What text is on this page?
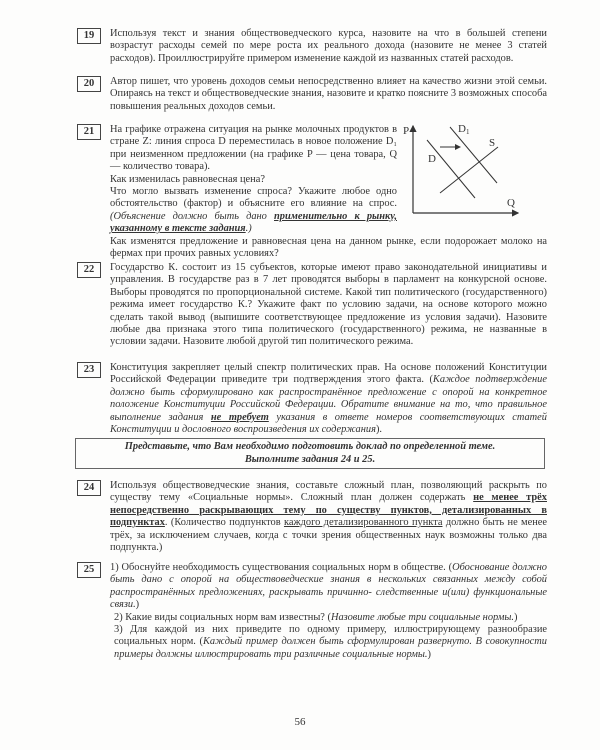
19	Используя текст и знания обществоведческого курса, назовите на что в большей степени возрастут расходы семей по мере роста их реального дохода (назовите не менее 3 статей расходов). Проиллюстрируйте примером изменение каждой из названных статей расходов.
20	Автор пишет, что уровень доходов семьи непосредственно влияет на качество жизни этой семьи. Опираясь на текст и обществоведческие знания, назовите и кратко поясните 3 возможных способа повышения реальных доходов семьи.
21	На графике отражена ситуация на рынке молочных продуктов в стране Z: линия спроса D переместилась в новое положение D₁ при неизменном предложении (на графике P — цена товара, Q — количество товара).
Как изменилась равновесная цена?
Что могло вызвать изменение спроса? Укажите любое одно обстоятельство (фактор) и объясните его влияние на спрос. (Объяснение должно быть дано применительно к рынку, указанному в тексте задания.)
Как изменятся предложение и равновесная цена на данном рынке, если подорожает молоко на фермах при прочих равных условиях?
P
Q
D
D 1
S
22	Государство К. состоит из 15 субъектов, которые имеют право законодательной инициативы и управления. В государстве раз в 7 лет проводятся выборы в парламент на конкурсной основе. Выборы проводятся по пропорциональной системе. Какой тип политического (государственного) режима имеет государство К.? Укажите факт по условию задачи, на основе которого можно сделать такой вывод (выпишите соответствующее предложение из условия задачи). Назовите любые два признака этого типа политического (государственного) режима, не названные в условии задачи. Назовите любой другой тип политического режима.
23	Конституция закрепляет целый спектр политических прав. На основе положений Конституции Российской Федерации приведите три подтверждения этого факта. (Каждое подтверждение должно быть сформулировано как распространённое предложение с опорой на конкретное положение Конституции Российской Федерации. Обратите внимание на то, что правильное выполнение задания не требует указания в ответе номеров соответствующих статей Конституции и дословного воспроизведения их содержания).
Представьте, что Вам необходимо подготовить доклад по определенной теме.
Выполните задания 24 и 25.
24	Используя обществоведческие знания, составьте сложный план, позволяющий раскрыть по существу тему «Социальные нормы». Сложный план должен содержать не менее трёх непосредственно раскрывающих тему по существу пунктов, детализированных в подпунктах. (Количество подпунктов каждого детализированного пункта должно быть не менее трёх, за исключением случаев, когда с точки зрения общественных наук возможны только два подпункта.)
25	1) Обоснуйте необходимость существования социальных норм в обществе. (Обоснование должно быть дано с опорой на обществоведческие знания в нескольких связанных между собой распространённых предложениях, раскрывать причинно- следственные и(или) функциональные связи.)
2) Какие виды социальных норм вам известны? (Назовите любые три социальные нормы.)
3) Для каждой из них приведите по одному примеру, иллюстрирующему разнообразие социальных норм. (Каждый пример должен быть сформулирован развернуто. В совокупности примеры должны иллюстрировать три различные социальные нормы.)
56
